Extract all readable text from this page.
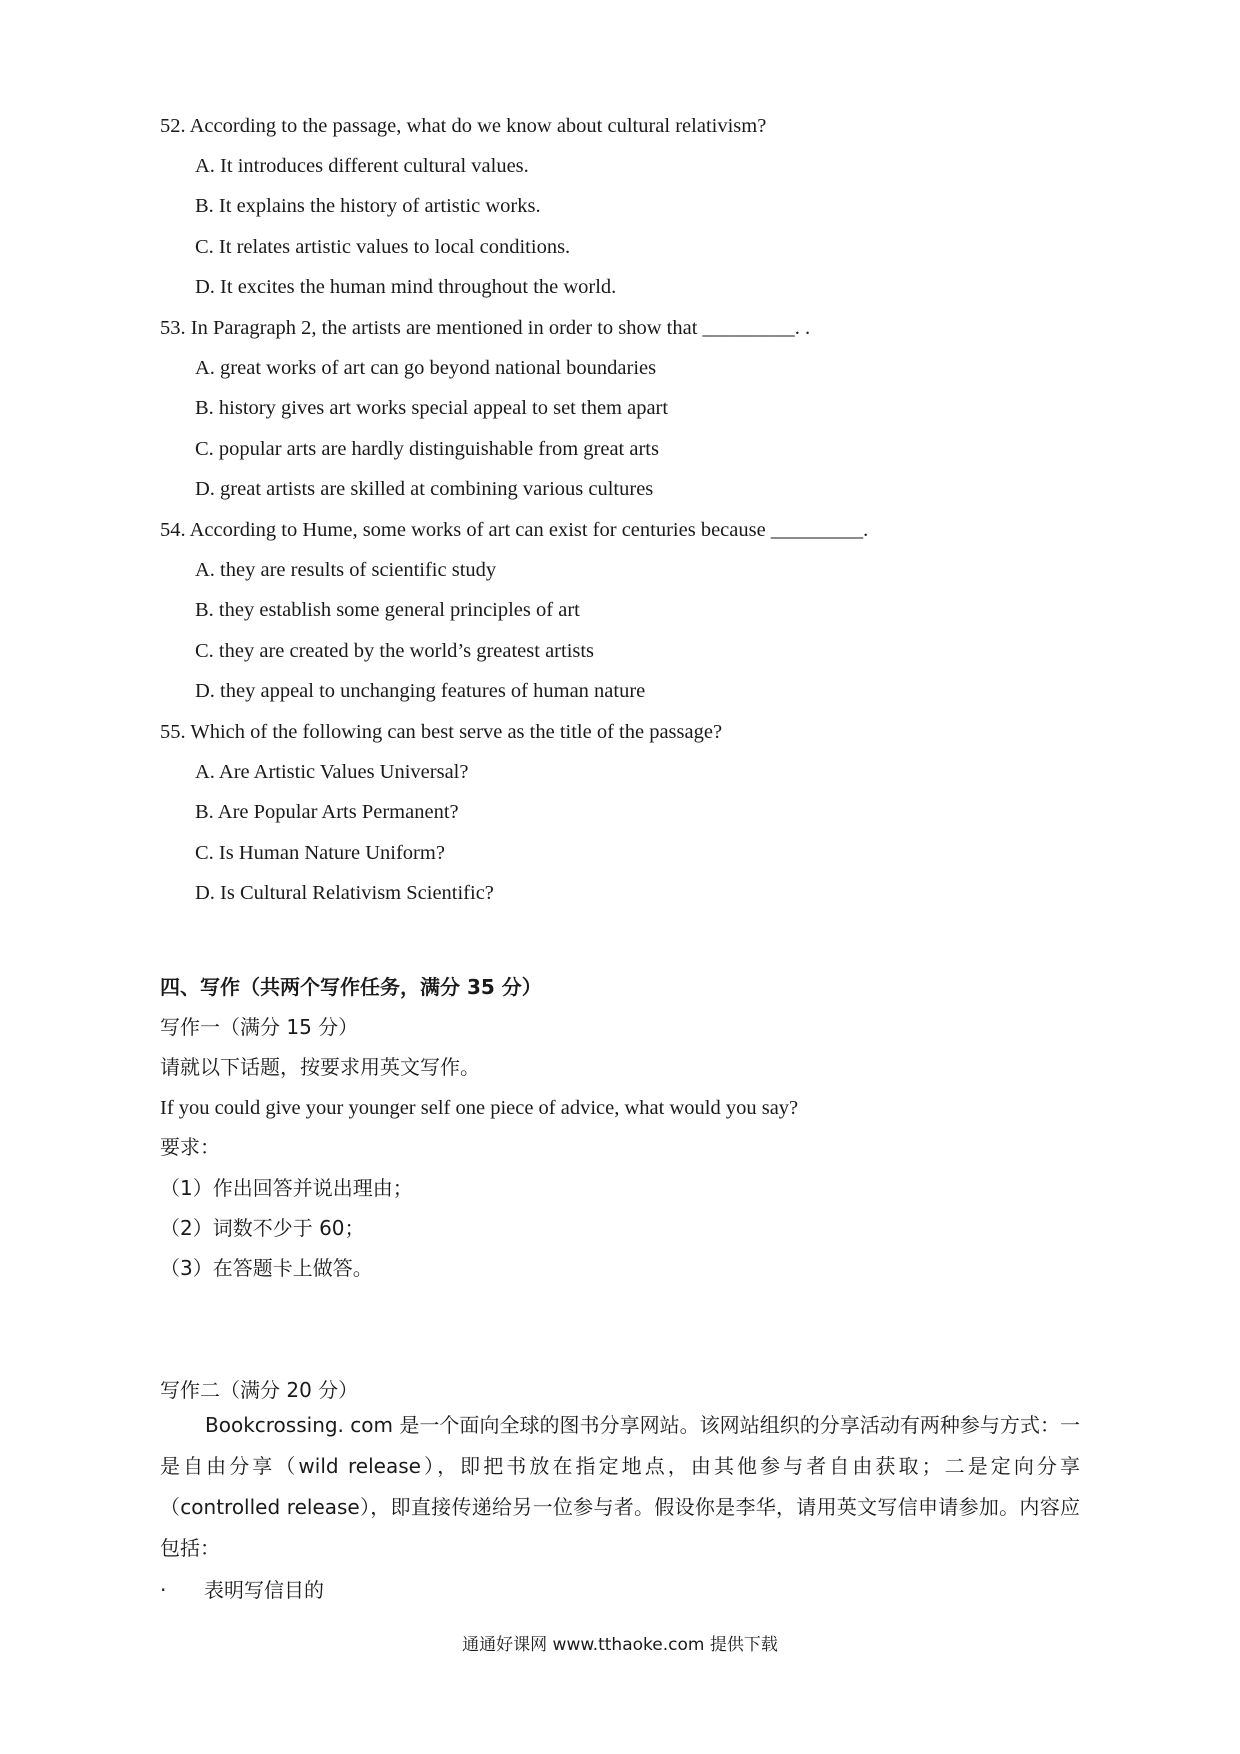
52. According to the passage, what do we know about cultural relativism?
A. It introduces different cultural values.
B. It explains the history of artistic works.
C. It relates artistic values to local conditions.
D. It excites the human mind throughout the world.
53. In Paragraph 2, the artists are mentioned in order to show that _________. .
A. great works of art can go beyond national boundaries
B. history gives art works special appeal to set them apart
C. popular arts are hardly distinguishable from great arts
D. great artists are skilled at combining various cultures
54. According to Hume, some works of art can exist for centuries because _________.
A. they are results of scientific study
B. they establish some general principles of art
C. they are created by the world’s greatest artists
D. they appeal to unchanging features of human nature
55. Which of the following can best serve as the title of the passage?
A. Are Artistic Values Universal?
B. Are Popular Arts Permanent?
C. Is Human Nature Uniform?
D. Is Cultural Relativism Scientific?
四、写作（共两个写作任务，满分 35 分）
写作一（满分 15 分）
请就以下话题，按要求用英文写作。
If you could give your younger self one piece of advice, what would you say?
要求：
（1）作出回答并说出理由；
（2）词数不少于 60；
（3）在答题卡上做答。
写作二（满分 20 分）
Bookcrossing. com 是一个面向全球的图书分享网站。该网站组织的分享活动有两种参与方式：一是自由分享（wild release），即把书放在指定地点，由其他参与者自由获取；二是定向分享（controlled release），即直接传递给另一位参与者。假设你是李华，请用英文写信申请参加。内容应包括：
· 表明写信目的
通通好课网 www.tthaoke.com 提供下载
